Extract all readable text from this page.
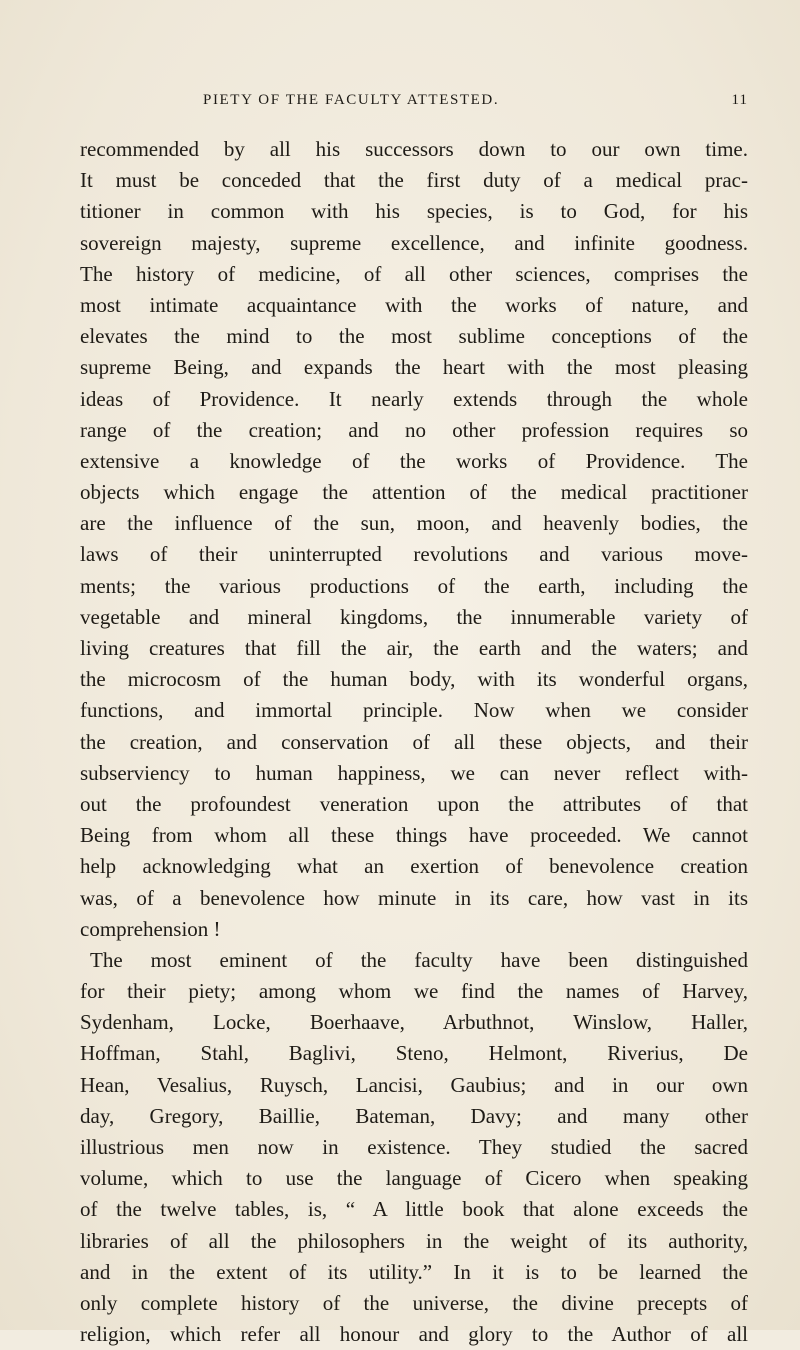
PIETY OF THE FACULTY ATTESTED.	11
recommended by all his successors down to our own time.
It must be conceded that the first duty of a medical prac-
titioner in common with his species, is to God, for his
sovereign majesty, supreme excellence, and infinite goodness.
The history of medicine, of all other sciences, comprises the
most intimate acquaintance with the works of nature, and
elevates the mind to the most sublime conceptions of the
supreme Being, and expands the heart with the most pleasing
ideas of Providence. It nearly extends through the whole
range of the creation; and no other profession requires so
extensive a knowledge of the works of Providence. The
objects which engage the attention of the medical practitioner
are the influence of the sun, moon, and heavenly bodies, the
laws of their uninterrupted revolutions and various move-
ments; the various productions of the earth, including the
vegetable and mineral kingdoms, the innumerable variety of
living creatures that fill the air, the earth and the waters; and
the microcosm of the human body, with its wonderful organs,
functions, and immortal principle. Now when we consider
the creation, and conservation of all these objects, and their
subserviency to human happiness, we can never reflect with-
out the profoundest veneration upon the attributes of that
Being from whom all these things have proceeded. We cannot
help acknowledging what an exertion of benevolence creation
was, of a benevolence how minute in its care, how vast in its
comprehension !
The most eminent of the faculty have been distinguished
for their piety; among whom we find the names of Harvey,
Sydenham, Locke, Boerhaave, Arbuthnot, Winslow, Haller,
Hoffman, Stahl, Baglivi, Steno, Helmont, Riverius, De
Hean, Vesalius, Ruysch, Lancisi, Gaubius; and in our own
day, Gregory, Baillie, Bateman, Davy; and many other
illustrious men now in existence. They studied the sacred
volume, which to use the language of Cicero when speaking
of the twelve tables, is, “ A little book that alone exceeds the
libraries of all the philosophers in the weight of its authority,
and in the extent of its utility.” In it is to be learned the
only complete history of the universe, the divine precepts of
religion, which refer all honour and glory to the Author of all
